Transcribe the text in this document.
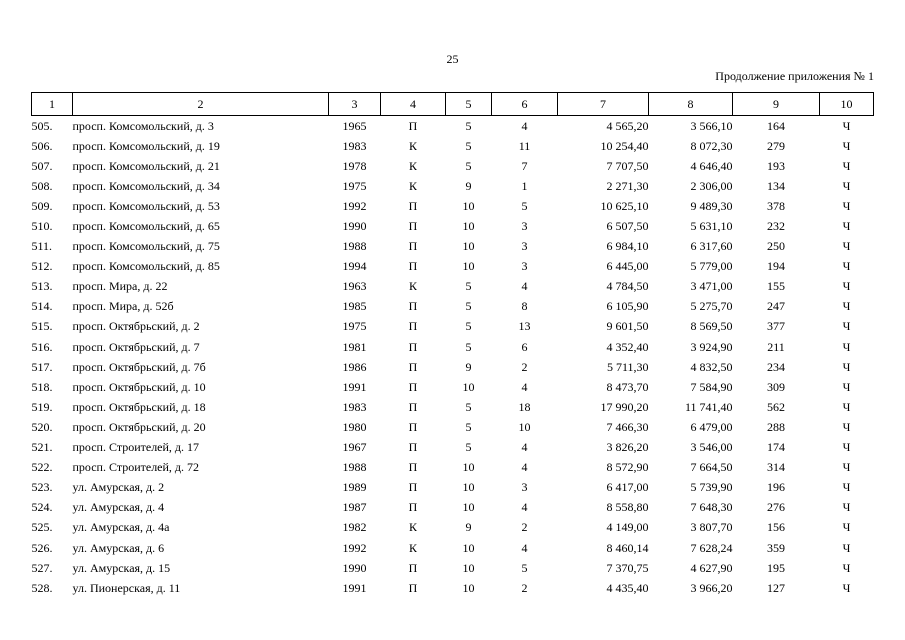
25
Продолжение приложения № 1
1	2	3	4	5	6	7	8	9	10
505.	просп. Комсомольский, д. 3	1965	П	5	4	4 565,20	3 566,10	164	Ч
506.	просп. Комсомольский, д. 19	1983	К	5	11	10 254,40	8 072,30	279	Ч
507.	просп. Комсомольский, д. 21	1978	К	5	7	7 707,50	4 646,40	193	Ч
508.	просп. Комсомольский, д. 34	1975	К	9	1	2 271,30	2 306,00	134	Ч
509.	просп. Комсомольский, д. 53	1992	П	10	5	10 625,10	9 489,30	378	Ч
510.	просп. Комсомольский, д. 65	1990	П	10	3	6 507,50	5 631,10	232	Ч
511.	просп. Комсомольский, д. 75	1988	П	10	3	6 984,10	6 317,60	250	Ч
512.	просп. Комсомольский, д. 85	1994	П	10	3	6 445,00	5 779,00	194	Ч
513.	просп. Мира, д. 22	1963	К	5	4	4 784,50	3 471,00	155	Ч
514.	просп. Мира, д. 52б	1985	П	5	8	6 105,90	5 275,70	247	Ч
515.	просп. Октябрьский, д. 2	1975	П	5	13	9 601,50	8 569,50	377	Ч
516.	просп. Октябрьский, д. 7	1981	П	5	6	4 352,40	3 924,90	211	Ч
517.	просп. Октябрьский, д. 7б	1986	П	9	2	5 711,30	4 832,50	234	Ч
518.	просп. Октябрьский, д. 10	1991	П	10	4	8 473,70	7 584,90	309	Ч
519.	просп. Октябрьский, д. 18	1983	П	5	18	17 990,20	11 741,40	562	Ч
520.	просп. Октябрьский, д. 20	1980	П	5	10	7 466,30	6 479,00	288	Ч
521.	просп. Строителей, д. 17	1967	П	5	4	3 826,20	3 546,00	174	Ч
522.	просп. Строителей, д. 72	1988	П	10	4	8 572,90	7 664,50	314	Ч
523.	ул. Амурская, д. 2	1989	П	10	3	6 417,00	5 739,90	196	Ч
524.	ул. Амурская, д. 4	1987	П	10	4	8 558,80	7 648,30	276	Ч
525.	ул. Амурская, д. 4а	1982	К	9	2	4 149,00	3 807,70	156	Ч
526.	ул. Амурская, д. 6	1992	К	10	4	8 460,14	7 628,24	359	Ч
527.	ул. Амурская, д. 15	1990	П	10	5	7 370,75	4 627,90	195	Ч
528.	ул. Пионерская, д. 11	1991	П	10	2	4 435,40	3 966,20	127	Ч
